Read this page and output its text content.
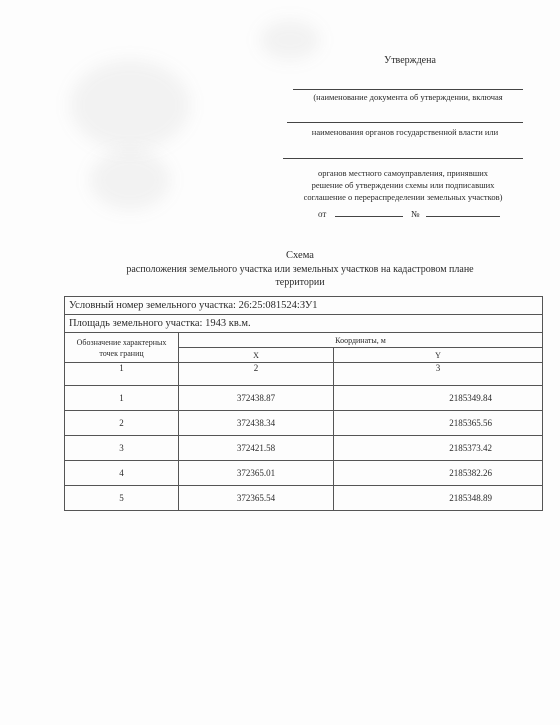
Утверждена
(наименование документа об утверждении, включая
наименования органов государственной власти или
органов местного самоуправления, принявших
решение об утверждении схемы или подписавших
соглашение о перераспределении земельных участков)
от	№
Схема
расположения земельного участка или земельных участков на кадастровом плане
территории
Условный номер земельного участка: 26:25:081524:ЗУ1		
Площадь земельного участка: 1943 кв.м.		
Обозначение характерных точек границ	Координаты, м	
	X	Y
1	2	3
1	372438.87	2185349.84
2	372438.34	2185365.56
3	372421.58	2185373.42
4	372365.01	2185382.26
5	372365.54	2185348.89
